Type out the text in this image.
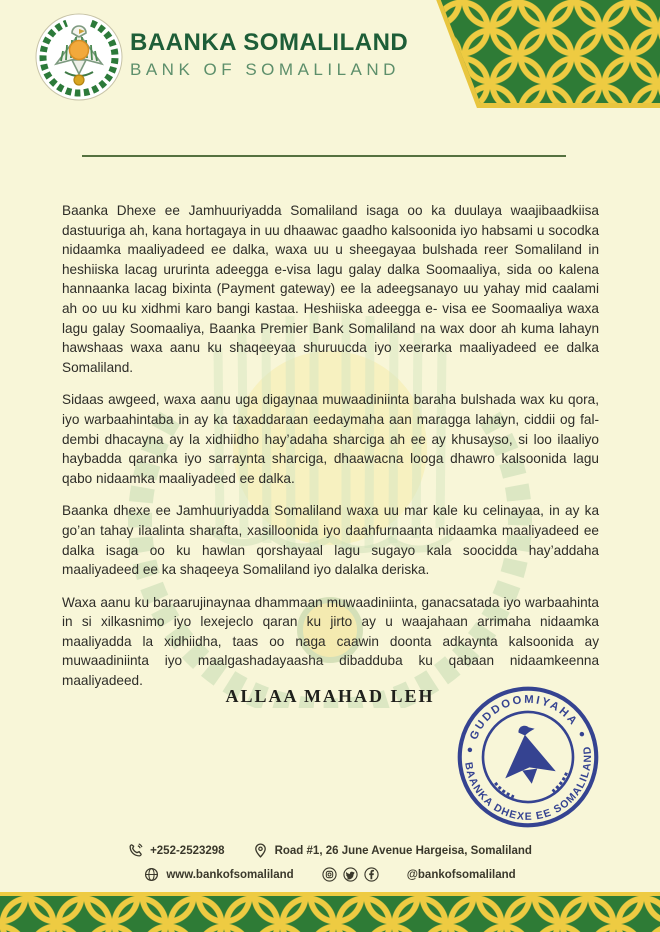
BAANKA SOMALILAND
BANK OF SOMALILAND

Baanka Dhexe ee Jamhuuriyadda Somaliland isaga oo ka duulaya waajibaadkiisa dastuuriga ah, kana hortagaya in uu dhaawac gaadho kalsoonida iyo habsami u socodka nidaamka maaliyadeed ee dalka, waxa uu u sheegayaa bulshada reer Somaliland in heshiiska lacag ururinta adeegga e-visa lagu galay dalka Soomaaliya, sida oo kalena hannaanka lacag bixinta (Payment gateway) ee la adeegsanayo uu yahay mid caalami ah oo uu ku xidhmi karo bangi kastaa. Heshiiska adeegga e- visa ee Soomaaliya waxa lagu galay Soomaaliya, Baanka Premier Bank Somaliland na wax door ah kuma lahayn hawshaas waxa aanu ku shaqeeyaa shuruucda iyo xeerarka maaliyadeed ee dalka Somaliland.

Sidaas awgeed, waxa aanu uga digaynaa muwaadiniinta baraha bulshada wax ku qora, iyo warbaahintaba in ay ka taxaddaraan eedaymaha aan maragga lahayn, ciddii og fal-dembi dhacayna ay la xidhiidho hay’adaha sharciga ah ee ay khusayso, si loo ilaaliyo haybadda qaranka iyo sarraynta sharciga, dhaawacna looga dhawro kalsoonida lagu qabo nidaamka maaliyadeed ee dalka.

Baanka dhexe ee Jamhuuriyadda Somaliland waxa uu mar kale ku celinayaa, in ay ka go’an tahay ilaalinta sharafta, xasilloonida iyo daahfurnaanta nidaamka maaliyadeed ee dalka isaga oo ku hawlan qorshayaal lagu sugayo kala soocidda hay’addaha maaliyadeed ee ka shaqeeya Somaliland iyo dalalka deriska.

Waxa aanu ku baraarujinaynaa dhammaan muwaadiniinta, ganacsatada iyo warbaahinta in si xilkasnimo iyo lexejeclo qaran ku jirto ay u waajahaan arrimaha nidaamka maaliyadda la xidhiidha, taas oo naga caawin doonta adkaynta kalsoonida ay muwaadiniinta iyo maalgashadayaasha dibadduba ku qabaan nidaamkeenna maaliyadeed.

ALLAA MAHAD LEH
GUDDOOMIYAHA
BAANKA DHEXE EE SOMALILAND
+252-2523298	Road #1, 26 June Avenue Hargeisa, Somaliland
www.bankofsomaliland	@bankofsomaliland
